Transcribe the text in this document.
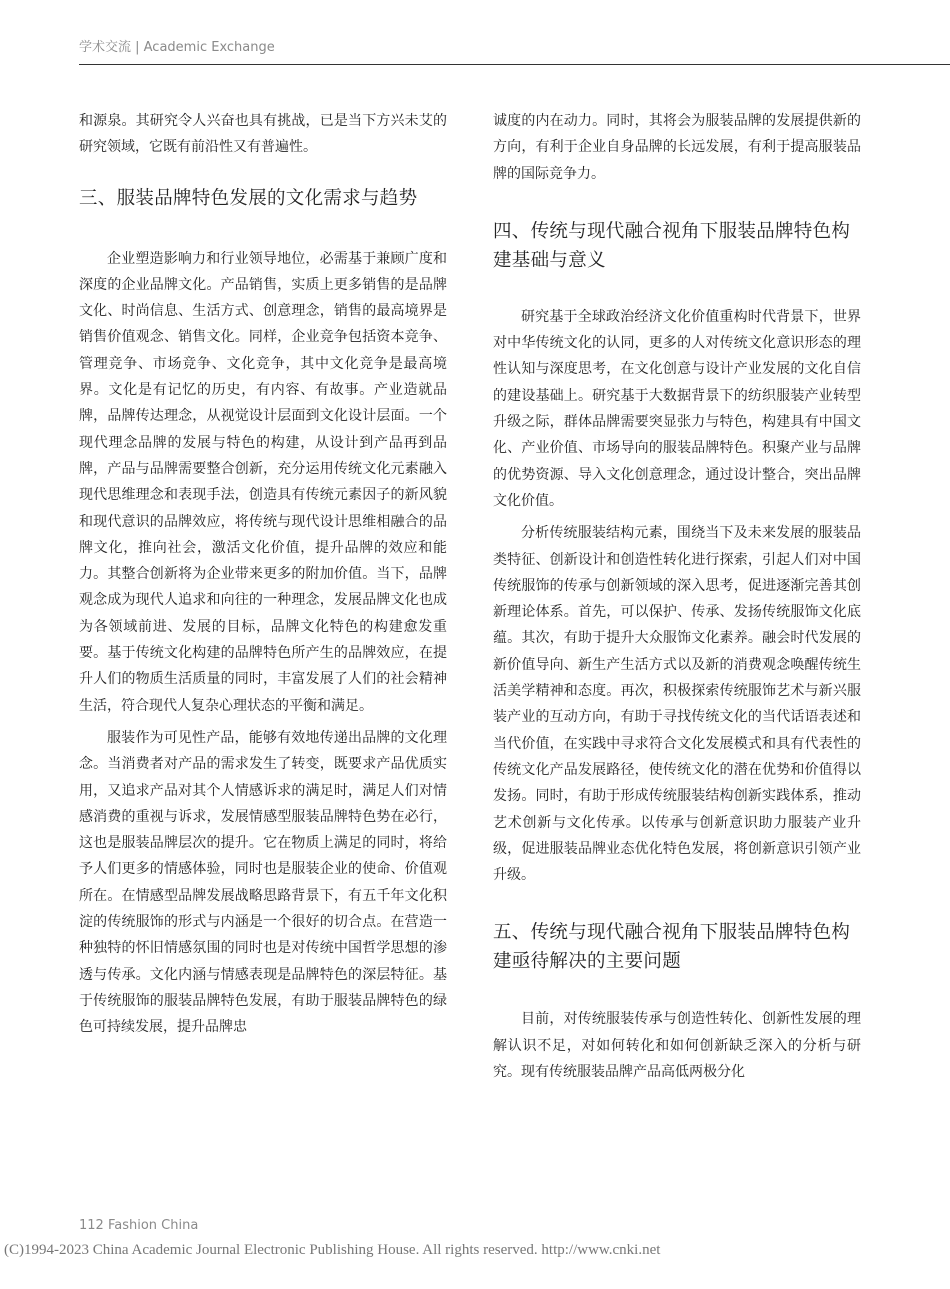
学术交流 | Academic Exchange

和源泉。其研究令人兴奋也具有挑战，已是当下方兴未艾的研究领域，它既有前沿性又有普遍性。

三、服装品牌特色发展的文化需求与趋势

企业塑造影响力和行业领导地位，必需基于兼顾广度和深度的企业品牌文化。产品销售，实质上更多销售的是品牌文化、时尚信息、生活方式、创意理念，销售的最高境界是销售价值观念、销售文化。同样，企业竞争包括资本竞争、管理竞争、市场竞争、文化竞争，其中文化竞争是最高境界。文化是有记忆的历史，有内容、有故事。产业造就品牌，品牌传达理念，从视觉设计层面到文化设计层面。一个现代理念品牌的发展与特色的构建，从设计到产品再到品牌，产品与品牌需要整合创新，充分运用传统文化元素融入现代思维理念和表现手法，创造具有传统元素因子的新风貌和现代意识的品牌效应，将传统与现代设计思维相融合的品牌文化，推向社会，激活文化价值，提升品牌的效应和能力。其整合创新将为企业带来更多的附加价值。当下，品牌观念成为现代人追求和向往的一种理念，发展品牌文化也成为各领域前进、发展的目标，品牌文化特色的构建愈发重要。基于传统文化构建的品牌特色所产生的品牌效应，在提升人们的物质生活质量的同时，丰富发展了人们的社会精神生活，符合现代人复杂心理状态的平衡和满足。

服装作为可见性产品，能够有效地传递出品牌的文化理念。当消费者对产品的需求发生了转变，既要求产品优质实用，又追求产品对其个人情感诉求的满足时，满足人们对情感消费的重视与诉求，发展情感型服装品牌特色势在必行，这也是服装品牌层次的提升。它在物质上满足的同时，将给予人们更多的情感体验，同时也是服装企业的使命、价值观所在。在情感型品牌发展战略思路背景下，有五千年文化积淀的传统服饰的形式与内涵是一个很好的切合点。在营造一种独特的怀旧情感氛围的同时也是对传统中国哲学思想的渗透与传承。文化内涵与情感表现是品牌特色的深层特征。基于传统服饰的服装品牌特色发展，有助于服装品牌特色的绿色可持续发展，提升品牌忠

诚度的内在动力。同时，其将会为服装品牌的发展提供新的方向，有利于企业自身品牌的长远发展，有利于提高服装品牌的国际竞争力。

四、传统与现代融合视角下服装品牌特色构建基础与意义

研究基于全球政治经济文化价值重构时代背景下，世界对中华传统文化的认同，更多的人对传统文化意识形态的理性认知与深度思考，在文化创意与设计产业发展的文化自信的建设基础上。研究基于大数据背景下的纺织服装产业转型升级之际，群体品牌需要突显张力与特色，构建具有中国文化、产业价值、市场导向的服装品牌特色。积聚产业与品牌的优势资源、导入文化创意理念，通过设计整合，突出品牌文化价值。

分析传统服装结构元素，围绕当下及未来发展的服装品类特征、创新设计和创造性转化进行探索，引起人们对中国传统服饰的传承与创新领域的深入思考，促进逐渐完善其创新理论体系。首先，可以保护、传承、发扬传统服饰文化底蕴。其次，有助于提升大众服饰文化素养。融会时代发展的新价值导向、新生产生活方式以及新的消费观念唤醒传统生活美学精神和态度。再次，积极探索传统服饰艺术与新兴服装产业的互动方向，有助于寻找传统文化的当代话语表述和当代价值，在实践中寻求符合文化发展模式和具有代表性的传统文化产品发展路径，使传统文化的潜在优势和价值得以发扬。同时，有助于形成传统服装结构创新实践体系，推动艺术创新与文化传承。以传承与创新意识助力服装产业升级，促进服装品牌业态优化特色发展，将创新意识引领产业升级。

五、传统与现代融合视角下服装品牌特色构建亟待解决的主要问题

目前，对传统服装传承与创造性转化、创新性发展的理解认识不足，对如何转化和如何创新缺乏深入的分析与研究。现有传统服装品牌产品高低两极分化

112 Fashion China
(C)1994-2023 China Academic Journal Electronic Publishing House. All rights reserved. http://www.cnki.net
